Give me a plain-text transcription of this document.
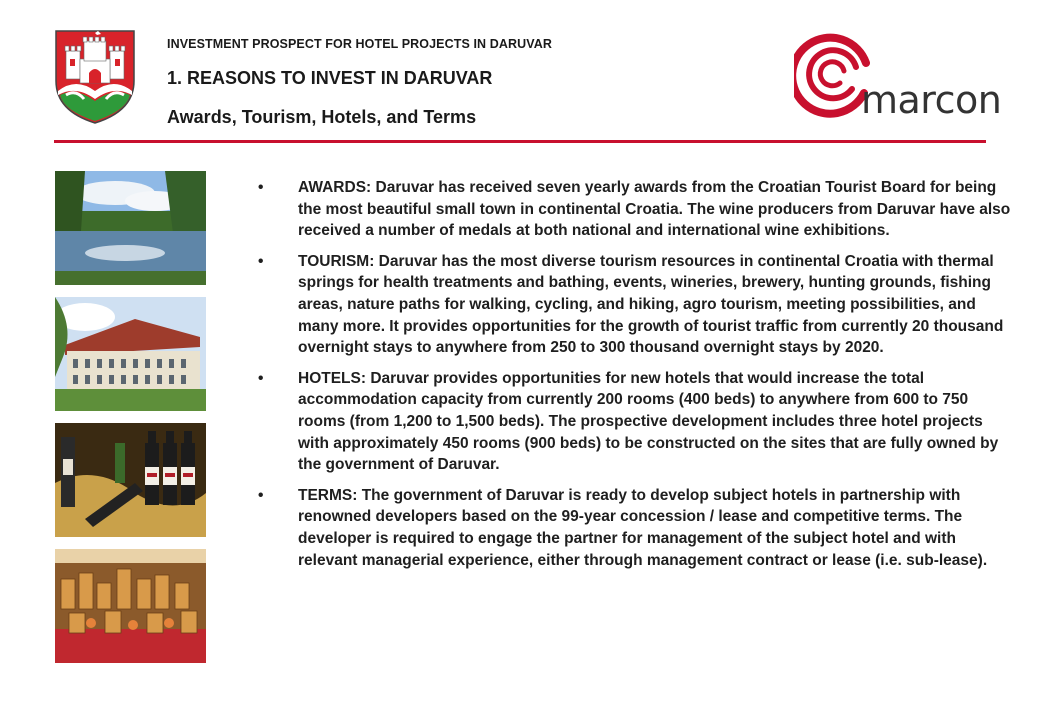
INVESTMENT PROSPECT FOR HOTEL PROJECTS IN DARUVAR
1. REASONS TO INVEST IN DARUVAR
Awards, Tourism, Hotels, and Terms	marcon
• AWARDS: Daruvar has received seven yearly awards from the Croatian Tourist Board for being the most beautiful small town in continental Croatia. The wine producers from Daruvar have also received a number of medals at both national and international wine exhibitions.
• TOURISM: Daruvar has the most diverse tourism resources in continental Croatia with thermal springs for health treatments and bathing, events, wineries, brewery, hunting grounds, fishing areas, nature paths for walking, cycling, and hiking, agro tourism, meeting possibilities, and many more. It provides opportunities for the growth of tourist traffic from currently 20 thousand overnight stays to anywhere from 250 to 300 thousand overnight stays by 2020.
• HOTELS: Daruvar provides opportunities for new hotels that would increase the total accommodation capacity from currently 200 rooms (400 beds) to anywhere from 600 to 750 rooms (from 1,200 to 1,500 beds). The prospective development includes three hotel projects with approximately 450 rooms (900 beds) to be constructed on the sites that are fully owned by the government of Daruvar.
• TERMS: The government of Daruvar is ready to develop subject hotels in partnership with renowned developers based on the 99-year concession / lease and competitive terms. The developer is required to engage the partner for management of the subject hotel and with relevant managerial experience, either through management contract or lease (i.e. sub-lease).
